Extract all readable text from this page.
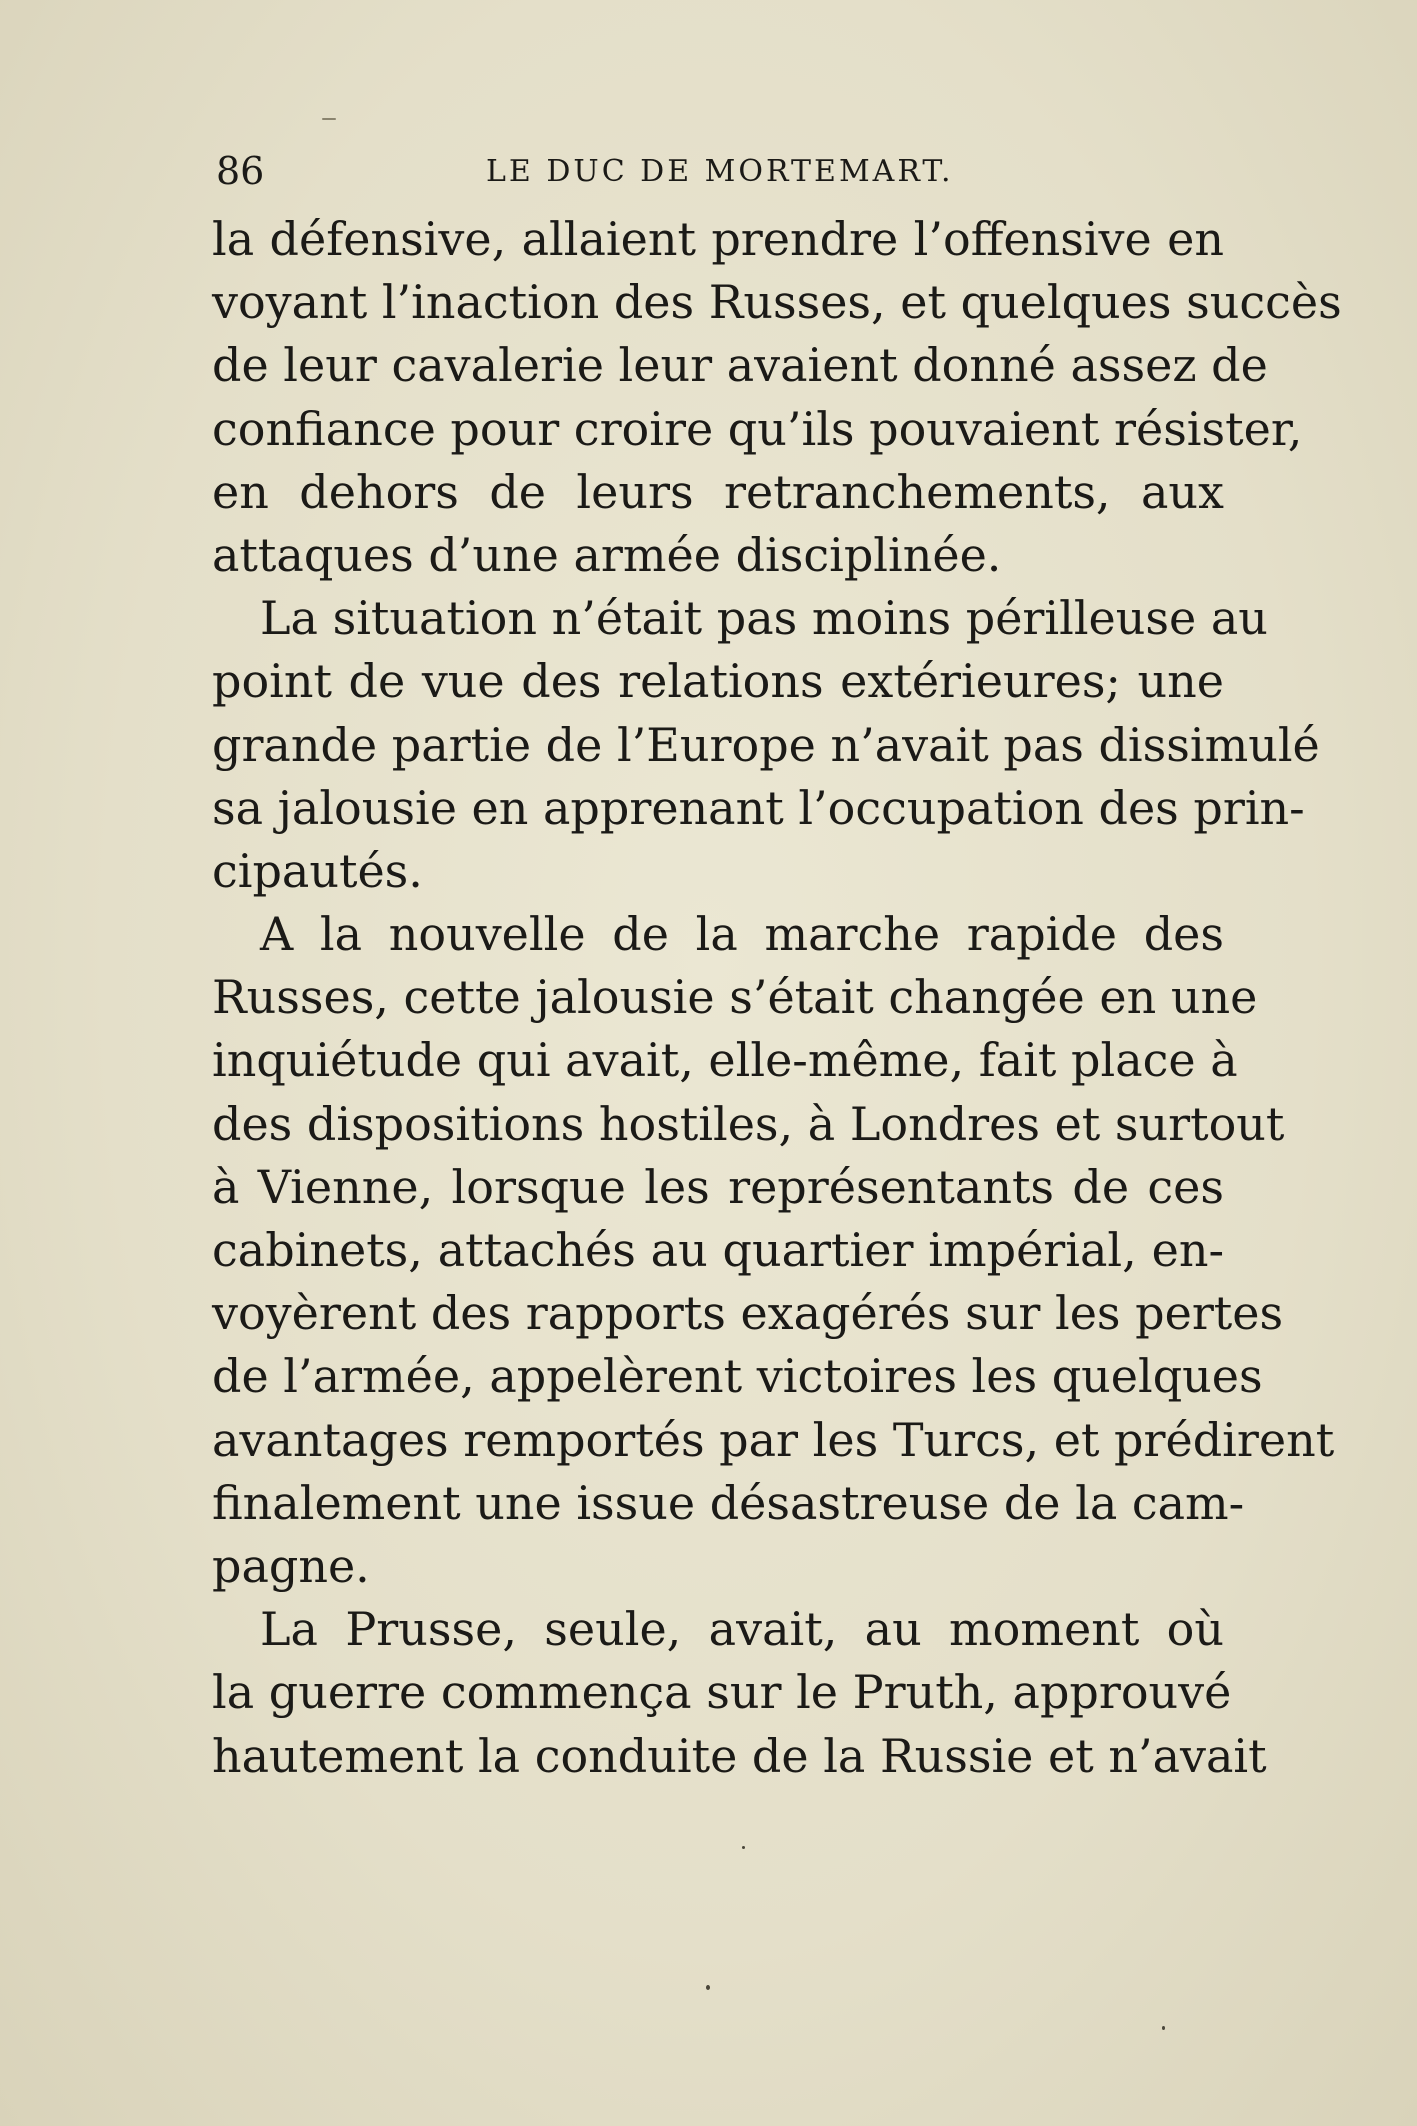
86	LE DUC DE MORTEMART.
la défensive, allaient prendre l’offensive en
voyant l’inaction des Russes, et quelques succès
de leur cavalerie leur avaient donné assez de
confiance pour croire qu’ils pouvaient résister,
en dehors de leurs retranchements, aux
attaques d’une armée disciplinée.
La situation n’était pas moins périlleuse au
point de vue des relations extérieures; une
grande partie de l’Europe n’avait pas dissimulé
sa jalousie en apprenant l’occupation des prin-
cipautés.
A la nouvelle de la marche rapide des
Russes, cette jalousie s’était changée en une
inquiétude qui avait, elle-même, fait place à
des dispositions hostiles, à Londres et surtout
à Vienne, lorsque les représentants de ces
cabinets, attachés au quartier impérial, en-
voyèrent des rapports exagérés sur les pertes
de l’armée, appelèrent victoires les quelques
avantages remportés par les Turcs, et prédirent
finalement une issue désastreuse de la cam-
pagne.
La Prusse, seule, avait, au moment où
la guerre commença sur le Pruth, approuvé
hautement la conduite de la Russie et n’avait
